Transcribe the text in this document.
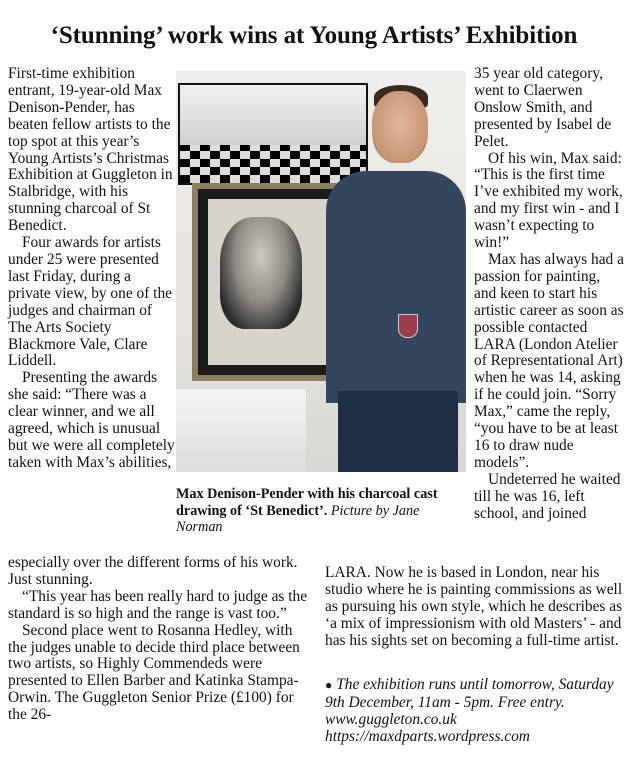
‘Stunning’ work wins at Young Artists’ Exhibition

First-time exhibition entrant, 19-year-old Max Denison-Pender, has beaten fellow artists to the top spot at this year’s Young Artists’s Christmas Exhibition at Guggleton in Stalbridge, with his stunning charcoal of St Benedict.

Four awards for artists under 25 were presented last Friday, during a private view, by one of the judges and chairman of The Arts Society Blackmore Vale, Clare Liddell.

Presenting the awards she said: “There was a clear winner, and we all agreed, which is unusual but we were all completely taken with Max’s abilities,

Max Denison-Pender with his charcoal cast drawing of ‘St Benedict’. Picture by Jane Norman

35 year old category, went to Claerwen Onslow Smith, and presented by Isabel de Pelet.

Of his win, Max said: “This is the first time I’ve exhibited my work, and my first win - and I wasn’t expecting to win!”

Max has always had a passion for painting, and keen to start his artistic career as soon as possible contacted LARA (London Atelier of Representational Art) when he was 14, asking if he could join. “Sorry Max,” came the reply, “you have to be at least 16 to draw nude models”.

Undeterred he waited till he was 16, left school, and joined

especially over the different forms of his work. Just stunning.

“This year has been really hard to judge as the standard is so high and the range is vast too.”

Second place went to Rosanna Hedley, with the judges unable to decide third place between two artists, so Highly Commendeds were presented to Ellen Barber and Katinka Stampa-Orwin. The Guggleton Senior Prize (£100) for the 26-

LARA. Now he is based in London, near his studio where he is painting commissions as well as pursuing his own style, which he describes as ‘a mix of impressionism with old Masters’ - and has his sights set on becoming a full-time artist.

● The exhibition runs until tomorrow, Saturday 9th December, 11am - 5pm. Free entry. www.guggleton.co.uk https://maxdparts.wordpress.com
